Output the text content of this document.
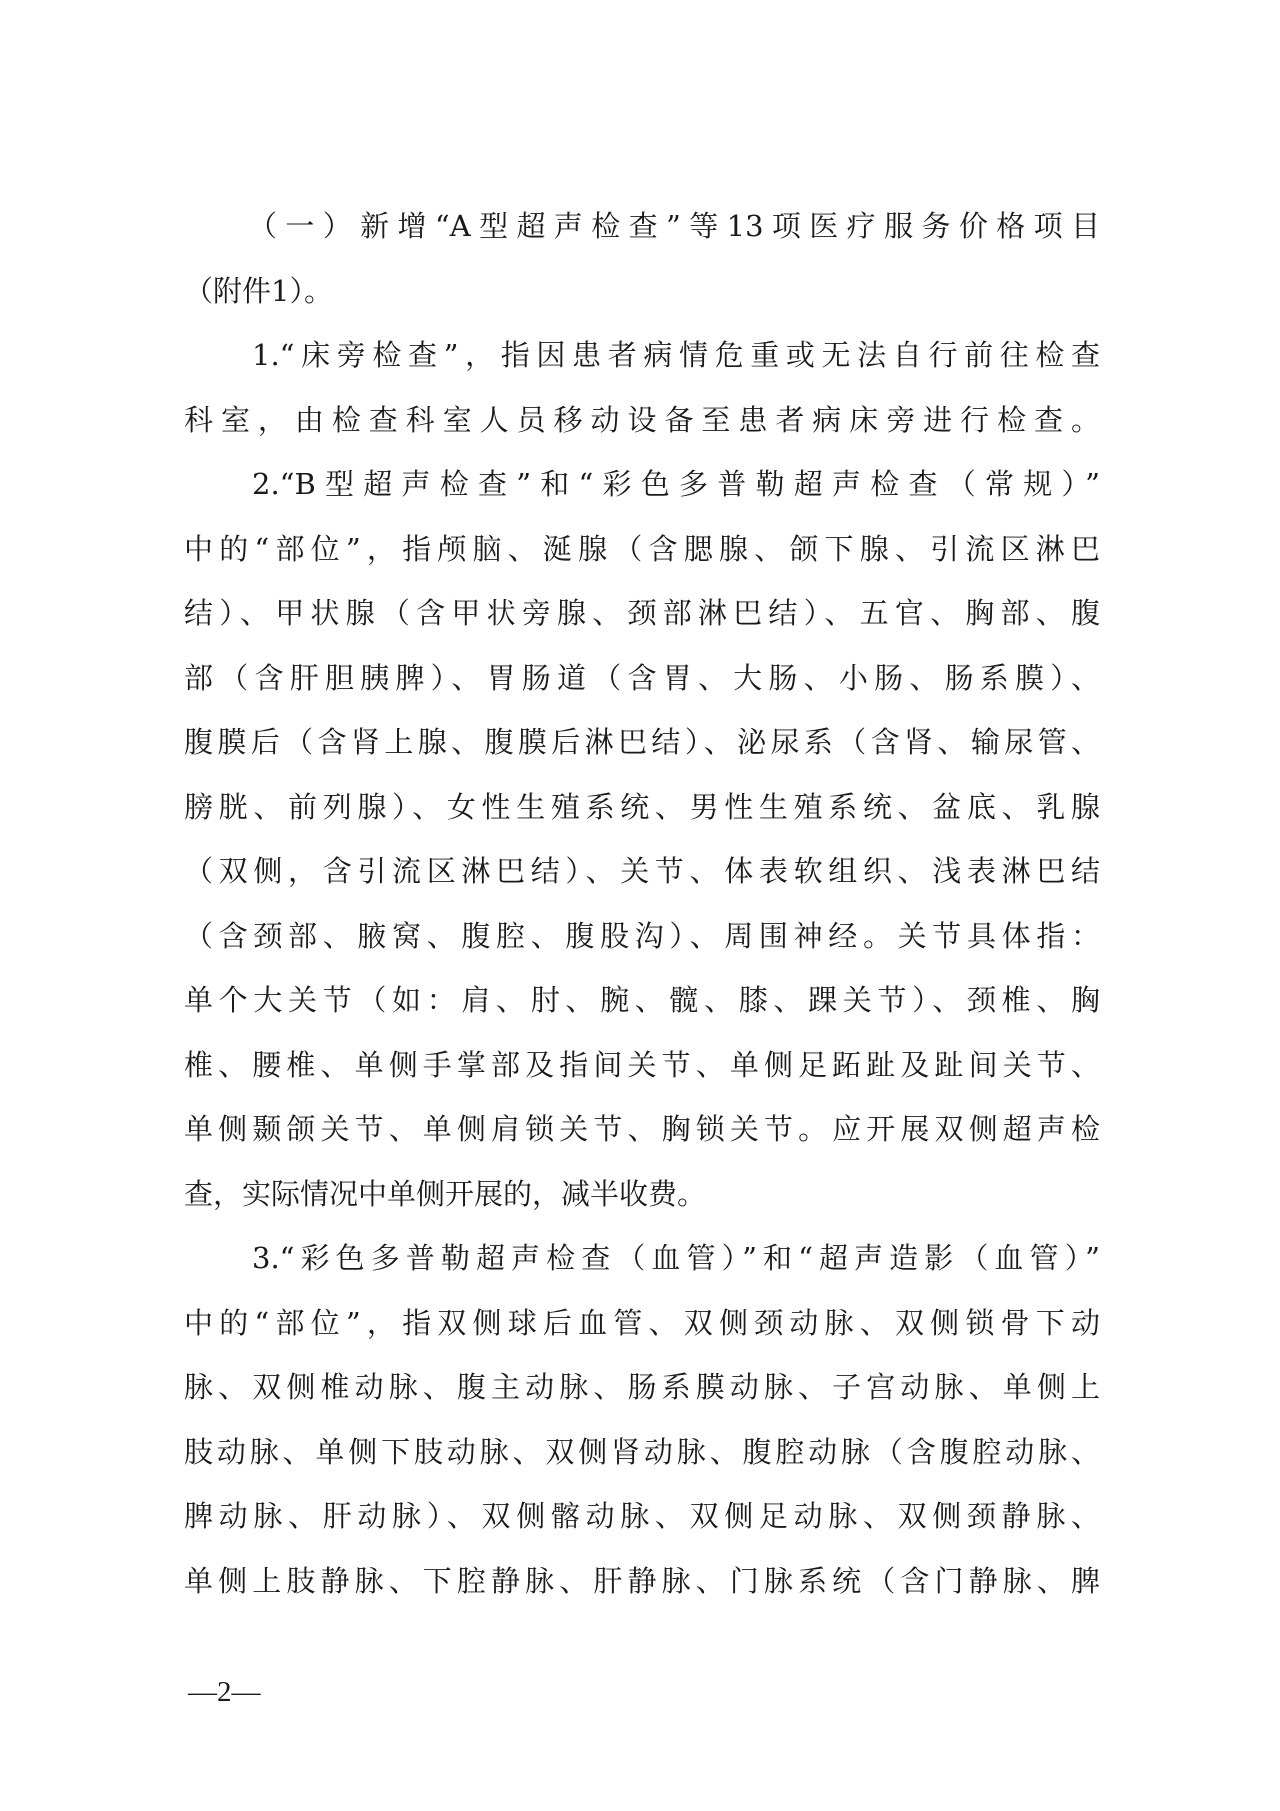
（一）新增“A型超声检查”等13项医疗服务价格项目
（附件1）。
1.“床旁检查”，指因患者病情危重或无法自行前往检查
科室，由检查科室人员移动设备至患者病床旁进行检查。
2.“B型超声检查”和“彩色多普勒超声检查（常规）”
中的“部位”，指颅脑、涎腺（含腮腺、颌下腺、引流区淋巴
结）、甲状腺（含甲状旁腺、颈部淋巴结）、五官、胸部、腹
部（含肝胆胰脾）、胃肠道（含胃、大肠、小肠、肠系膜）、
腹膜后（含肾上腺、腹膜后淋巴结）、泌尿系（含肾、输尿管、
膀胱、前列腺）、女性生殖系统、男性生殖系统、盆底、乳腺
（双侧，含引流区淋巴结）、关节、体表软组织、浅表淋巴结
（含颈部、腋窝、腹腔、腹股沟）、周围神经。关节具体指：
单个大关节（如：肩、肘、腕、髋、膝、踝关节）、颈椎、胸
椎、腰椎、单侧手掌部及指间关节、单侧足跖趾及趾间关节、
单侧颞颌关节、单侧肩锁关节、胸锁关节。应开展双侧超声检
查，实际情况中单侧开展的，减半收费。
3.“彩色多普勒超声检查（血管）”和“超声造影（血管）”
中的“部位”，指双侧球后血管、双侧颈动脉、双侧锁骨下动
脉、双侧椎动脉、腹主动脉、肠系膜动脉、子宫动脉、单侧上
肢动脉、单侧下肢动脉、双侧肾动脉、腹腔动脉（含腹腔动脉、
脾动脉、肝动脉）、双侧髂动脉、双侧足动脉、双侧颈静脉、
单侧上肢静脉、下腔静脉、肝静脉、门脉系统（含门静脉、脾
—2—
